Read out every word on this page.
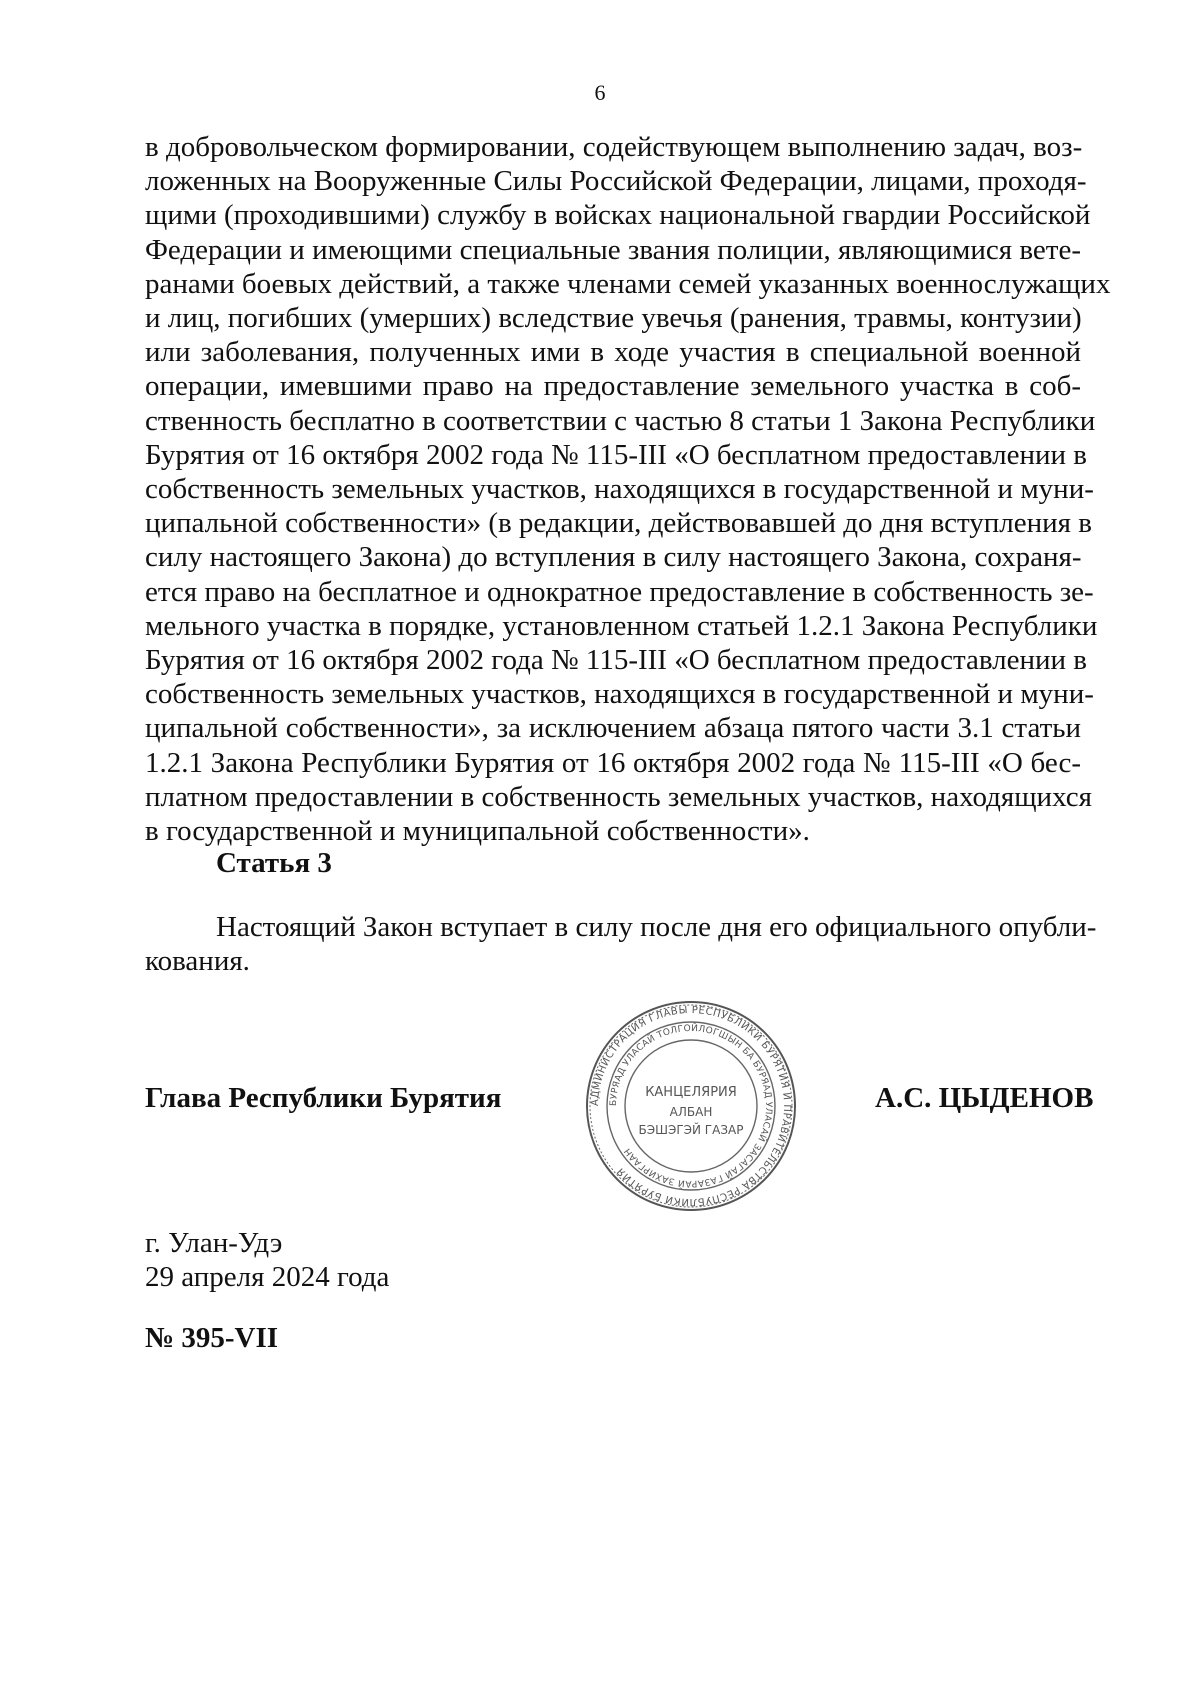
6
в добровольческом формировании, содействующем выполнению задач, воз-
ложенных на Вооруженные Силы Российской Федерации, лицами, проходя-
щими (проходившими) службу в войсках национальной гвардии Российской
Федерации и имеющими специальные звания полиции, являющимися вете-
ранами боевых действий, а также членами семей указанных военнослужащих
и лиц, погибших (умерших) вследствие увечья (ранения, травмы, контузии)
или заболевания, полученных ими в ходе участия в специальной военной
операции, имевшими право на предоставление земельного участка в соб-
ственность бесплатно в соответствии с частью 8 статьи 1 Закона Республики
Бурятия от 16 октября 2002 года № 115-III «О бесплатном предоставлении в
собственность земельных участков, находящихся в государственной и муни-
ципальной собственности» (в редакции, действовавшей до дня вступления в
силу настоящего Закона) до вступления в силу настоящего Закона, сохраня-
ется право на бесплатное и однократное предоставление в собственность зе-
мельного участка в порядке, установленном статьей 1.2.1 Закона Республики
Бурятия от 16 октября 2002 года № 115-III «О бесплатном предоставлении в
собственность земельных участков, находящихся в государственной и муни-
ципальной собственности», за исключением абзаца пятого части 3.1 статьи
1.2.1 Закона Республики Бурятия от 16 октября 2002 года № 115-III «О бес-
платном предоставлении в собственность земельных участков, находящихся
в государственной и муниципальной собственности».
Статья 3
Настоящий Закон вступает в силу после дня его официального опубли-
кования.
Глава Республики Бурятия	АДМИНИСТРАЦИЯ ГЛАВЫ РЕСПУБЛИКИ БУРЯТИЯ И ПРАВИТЕЛЬСТВА РЕСПУБЛИКИ БУРЯТИЯ
БУРЯАД УЛАСАЙ ТОЛГОЙЛОГШЫН БА БУРЯАД УЛАСАЙ ЗАСАГАЙ ГАЗАРАЙ ЗАХИРГААН
КАНЦЕЛЯРИЯ
АЛБАН
БЭШЭГЭЙ ГАЗАР
А.С. ЦЫДЕНОВ
г. Улан-Удэ
29 апреля 2024 года
№ 395-VII
